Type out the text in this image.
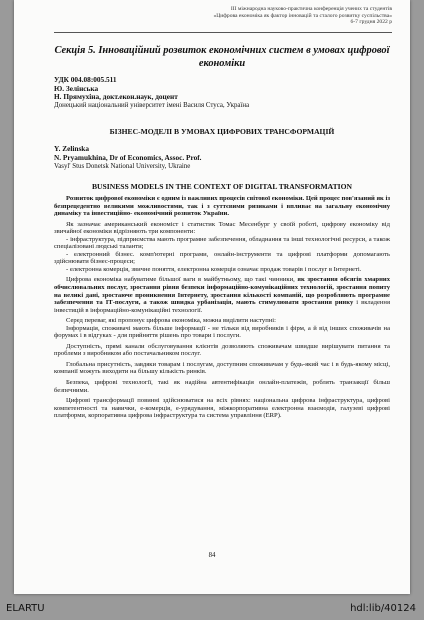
ІІІ міжнародна науково-практична конференція учених та студентів
«Цифрова економіка як фактор інновацій та сталого розвитку суспільства»
6-7 грудня 2022 р
Секція 5. Інноваційний розвиток економічних систем в умовах цифрової економіки
УДК 004.08:005.511
Ю. Зелінська
Н. Прямухіна, докт.екон.наук, доцент
Донецький національний університет імені Василя Стуса, Україна
БІЗНЕС-МОДЕЛІ В УМОВАХ ЦИФРОВИХ ТРАНСФОРМАЦІЙ
Y. Zelinska
N. Pryamukhina, Dr of Economics, Assoc. Prof.
Vasyl' Stus Donetsk National University, Ukraine
BUSINESS MODELS IN THE CONTEXT OF DIGITAL TRANSFORMATION

Розвиток цифрової економіки є одним із важливих процесів світової економіки. Цей процес пов'язаний як із безпрецедентно великими можливостями, так і з суттєвими ризиками і впливає на загальну економічну динаміку та інвестиційно- економічний розвиток України.

Як зазначає американський економіст і статистик Томас Месенбург у своїй роботі, цифрову економіку від звичайної економіки відрізняють три компоненти:

- інфраструктура, підприємства мають програмне забезпечення, обладнання та інші технологічні ресурси, а також спеціалізовані людські таланти;

- електронний бізнес. комп'ютерні програми, онлайн-інструменти та цифрові платформи допомагають здійснювати бізнес-процеси;

- електронна комерція, звичне поняття, електронна комерція означає продаж товарів і послуг в Інтернеті.

Цифрова економіка набуватиме більшої ваги в майбутньому, що такі чинники, як зростання обсягів хмарних обчислювальних послуг, зростання рівня безпеки інформаційно-комунікаційних технологій, зростання попиту на великі дані, зростаюче проникнення Інтернету, зростання кількості компаній, що розробляють програмне забезпечення та ІТ-послуги, а також швидка урбанізація, мають стимулювати зростання ринку і вкладення інвестицій в інформаційно-комунікаційні технології.

Серед переваг, які пропонує цифрова економіка, можна виділити наступні:

Інформація, споживачі мають більше інформації - не тільки від виробників і фірм, а й від інших споживачів на форумах і в відгуках - для прийняття рішень про товари і послуги.

Доступність, прямі канали обслуговування клієнтів дозволяють споживачам швидше вирішувати питання та проблеми з виробником або постачальником послуг.

Глобальна присутність, завдяки товарам і послугам, доступним споживачам у будь-який час і в будь-якому місці, компанії можуть виходити на більшу кількість ринків.

Безпека, цифрові технології, такі як надійна автентифікація онлайн-платежів, роблять транзакції більш безпечними.

Цифрові трансформації повинні здійснюватися на всіх рівнях: національна цифрова інфраструктура, цифрові компетентності та навички, е-комерція, е-урядування, міжкорпоративна електронна взаємодія, галузеві цифрові платформи, корпоративна цифрова інфраструктура та система управління (ERP).

84
ELARTU	hdl:lib/40124
